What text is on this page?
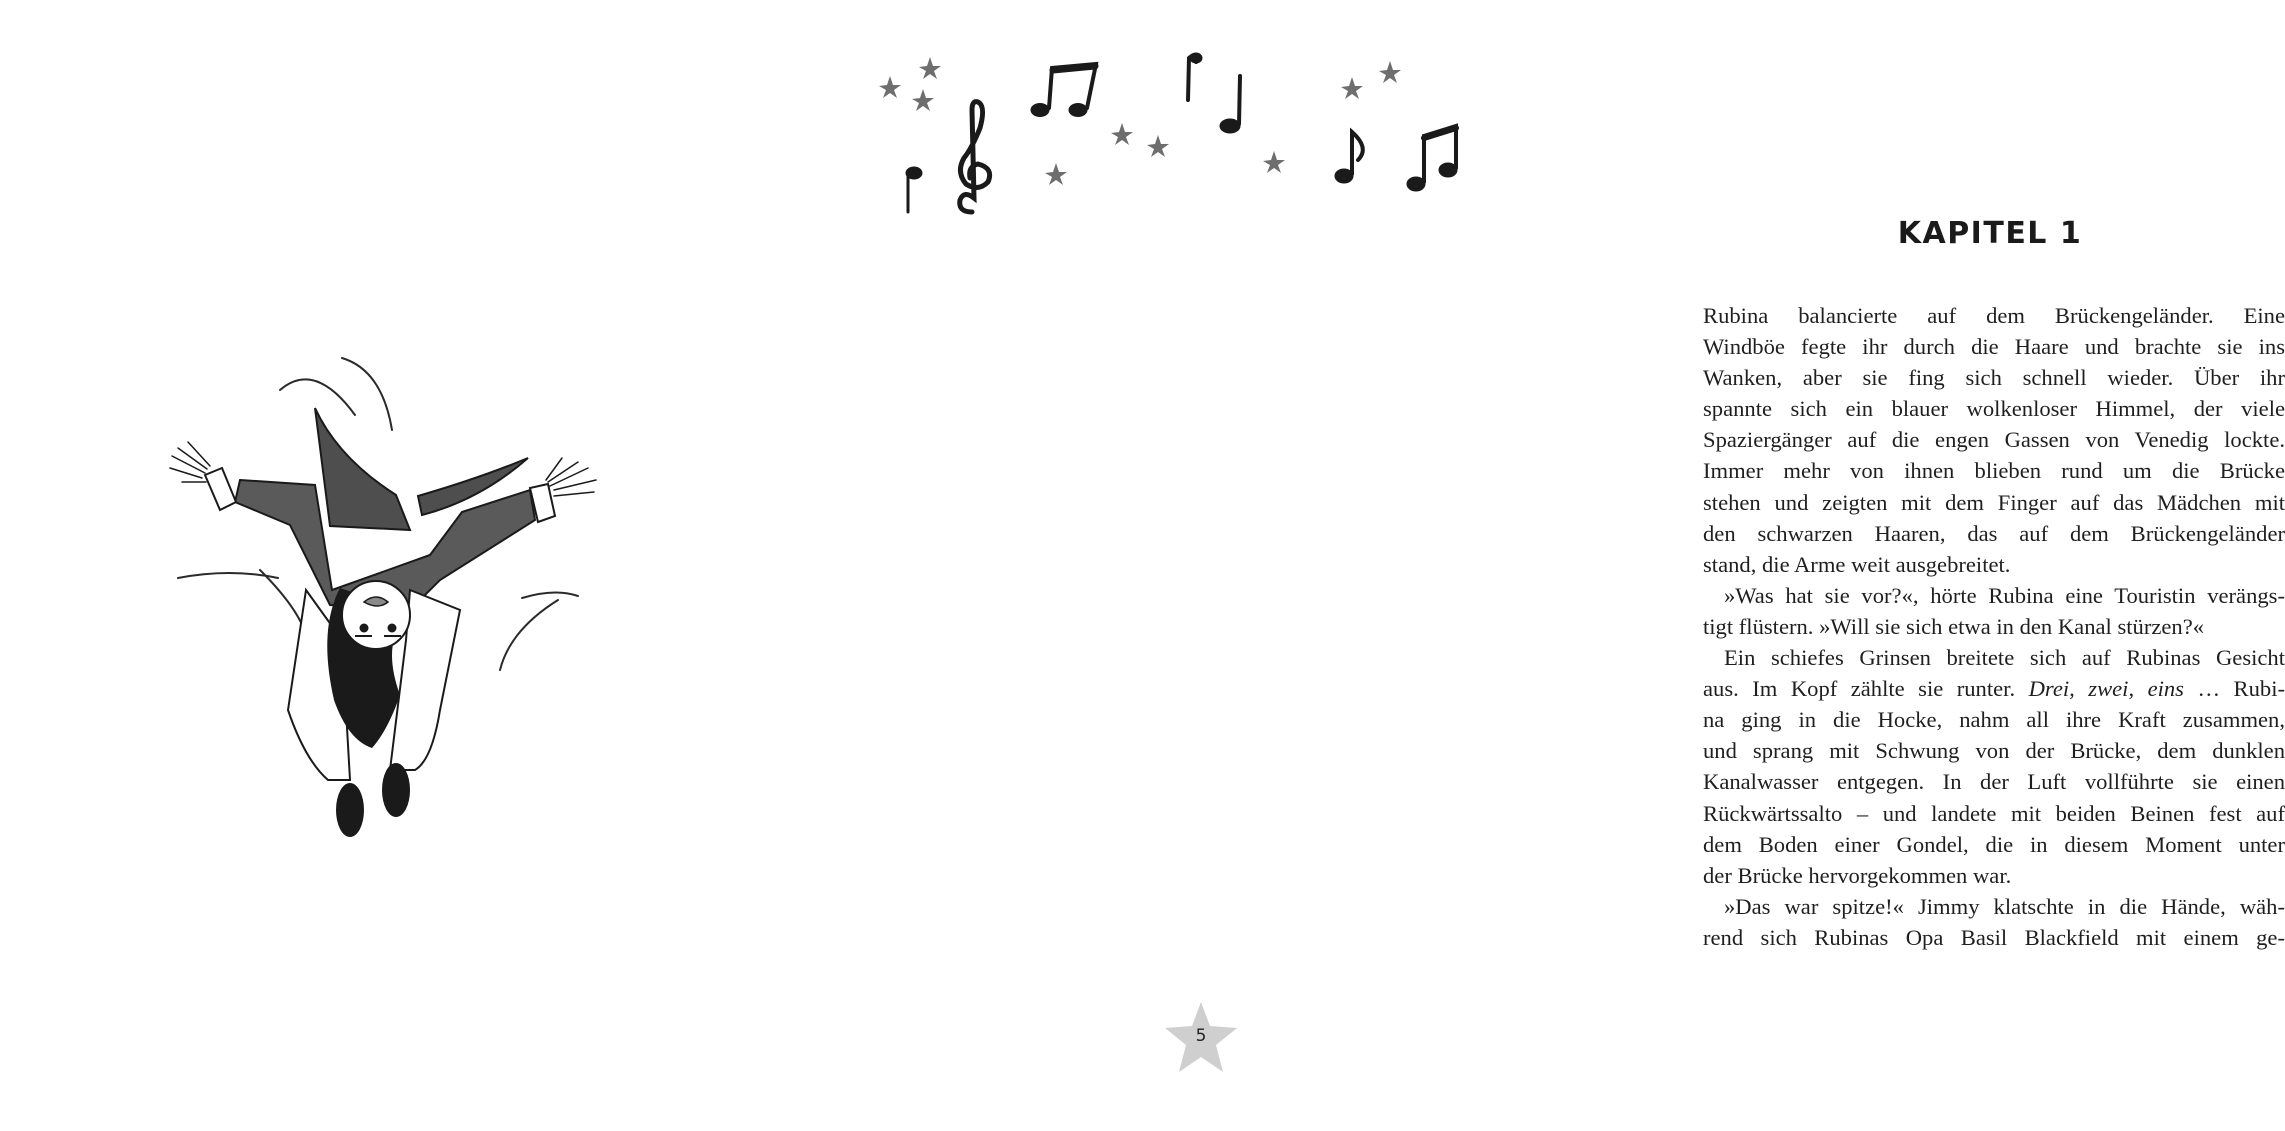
KAPITEL 1
Rubina balancierte auf dem Brückengeländer. Eine
Windböe fegte ihr durch die Haare und brachte sie ins
Wanken, aber sie fing sich schnell wieder. Über ihr
spannte sich ein blauer wolkenloser Himmel, der viele
Spaziergänger auf die engen Gassen von Venedig lockte.
Immer mehr von ihnen blieben rund um die Brücke
stehen und zeigten mit dem Finger auf das Mädchen mit
den schwarzen Haaren, das auf dem Brückengeländer
stand, die Arme weit ausgebreitet.
»Was hat sie vor?«, hörte Rubina eine Touristin verängs-
tigt flüstern. »Will sie sich etwa in den Kanal stürzen?«
Ein schiefes Grinsen breitete sich auf Rubinas Gesicht
aus. Im Kopf zählte sie runter. Drei, zwei, eins … Rubi-
na ging in die Hocke, nahm all ihre Kraft zusammen,
und sprang mit Schwung von der Brücke, dem dunklen
Kanalwasser entgegen. In der Luft vollführte sie einen
Rückwärtssalto – und landete mit beiden Beinen fest auf
dem Boden einer Gondel, die in diesem Moment unter
der Brücke hervorgekommen war.
»Das war spitze!« Jimmy klatschte in die Hände, wäh-
rend sich Rubinas Opa Basil Blackfield mit einem ge-
5
